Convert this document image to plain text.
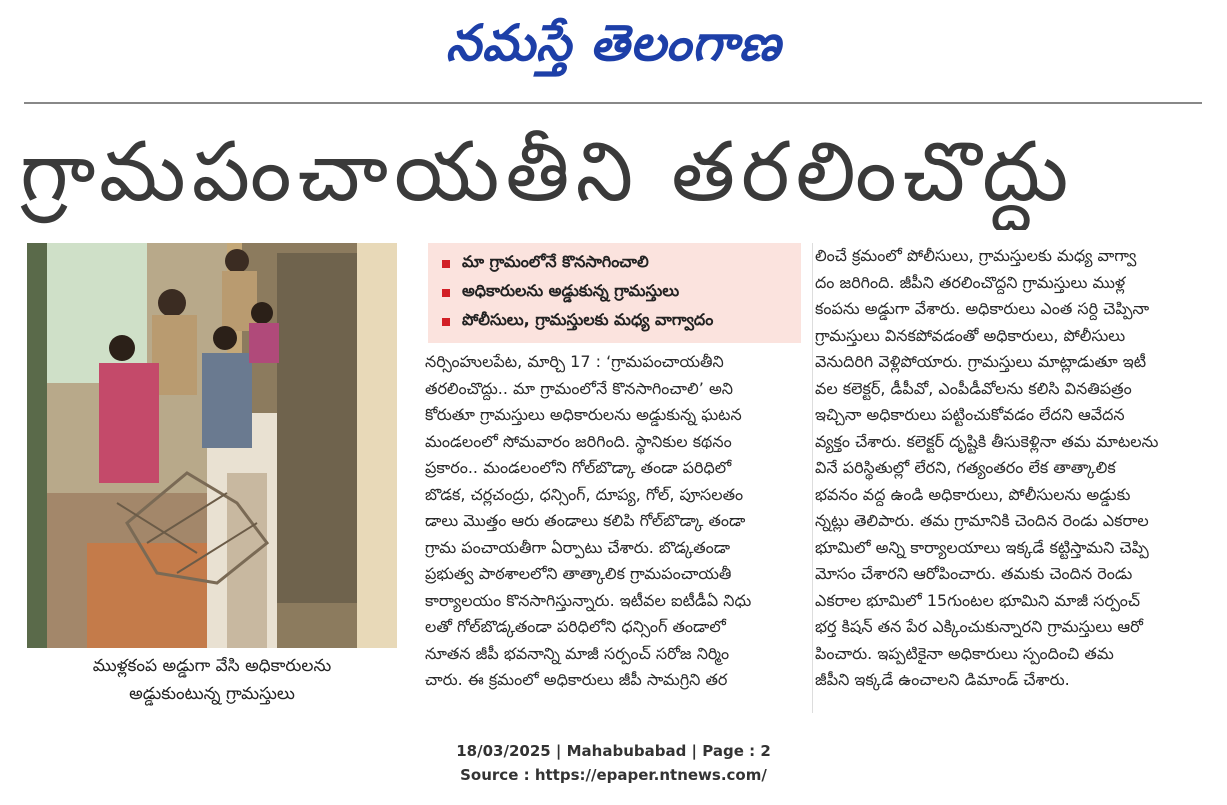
నమస్తే తెలంగాణ
గ్రామపంచాయతీని తరలించొద్దు
ముళ్లకంప అడ్డుగా వేసి అధికారులను
అడ్డుకుంటున్న గ్రామస్తులు
మా గ్రామంలోనే కొనసాగించాలి
అధికారులను అడ్డుకున్న గ్రామస్తులు
పోలీసులు, గ్రామస్తులకు మధ్య వాగ్వాదం
నర్సింహులపేట, మార్చి 17 : ‘గ్రామపంచాయతీని
తరలించొద్దు.. మా గ్రామంలోనే కొనసాగించాలి’ అని
కోరుతూ గ్రామస్తులు అధికారులను అడ్డుకున్న ఘటన
మండలంలో సోమవారం జరిగింది. స్థానికుల కథనం
ప్రకారం.. మండలంలోని గోల్‌బొడ్కా తండా పరిధిలో
బొడక, చర్లచంద్రు, ధన్సింగ్, దూప్య, గోల్, పూసలతం
డాలు మొత్తం ఆరు తండాలు కలిపి గోల్‌బొడ్కా తండా
గ్రామ పంచాయతీగా ఏర్పాటు చేశారు. బొడ్కతండా
ప్రభుత్వ పాఠశాలలోని తాత్కాలిక గ్రామపంచాయతీ
కార్యాలయం కొనసాగిస్తున్నారు. ఇటీవల ఐటీడీఏ నిధు
లతో గోల్‌బొడ్కతండా పరిధిలోని ధన్సింగ్ తండాలో
నూతన జీపీ భవనాన్ని మాజీ సర్పంచ్ సరోజ నిర్మిం
చారు. ఈ క్రమంలో అధికారులు జీపీ సామగ్రిని తర
లించే క్రమంలో పోలీసులు, గ్రామస్తులకు మధ్య వాగ్వా
దం జరిగింది. జీపీని తరలించొద్దని గ్రామస్తులు ముళ్ల
కంపను అడ్డుగా వేశారు. అధికారులు ఎంత సర్ది చెప్పినా
గ్రామస్తులు వినకపోవడంతో అధికారులు, పోలీసులు
వెనుదిరిగి వెళ్లిపోయారు. గ్రామస్తులు మాట్లాడుతూ ఇటీ
వల కలెక్టర్, డీపీవో, ఎంపీడీవోలను కలిసి వినతిపత్రం
ఇచ్చినా అధికారులు పట్టించుకోవడం లేదని ఆవేదన
వ్యక్తం చేశారు. కలెక్టర్ దృష్టికి తీసుకెళ్లినా తమ మాటలను
వినే పరిస్థితుల్లో లేరని, గత్యంతరం లేక తాత్కాలిక
భవనం వద్ద ఉండి అధికారులు, పోలీసులను అడ్డుకు
న్నట్లు తెలిపారు. తమ గ్రామానికి చెందిన రెండు ఎకరాల
భూమిలో అన్ని కార్యాలయాలు ఇక్కడే కట్టిస్తామని చెప్పి
మోసం చేశారని ఆరోపించారు. తమకు చెందిన రెండు
ఎకరాల భూమిలో 15గుంటల భూమిని మాజీ సర్పంచ్
భర్త కిషన్ తన పేర ఎక్కించుకున్నారని గ్రామస్తులు ఆరో
పించారు. ఇప్పటికైనా అధికారులు స్పందించి తమ
జీపీని ఇక్కడే ఉంచాలని డిమాండ్ చేశారు.
18/03/2025 | Mahabubabad | Page : 2
Source : https://epaper.ntnews.com/
